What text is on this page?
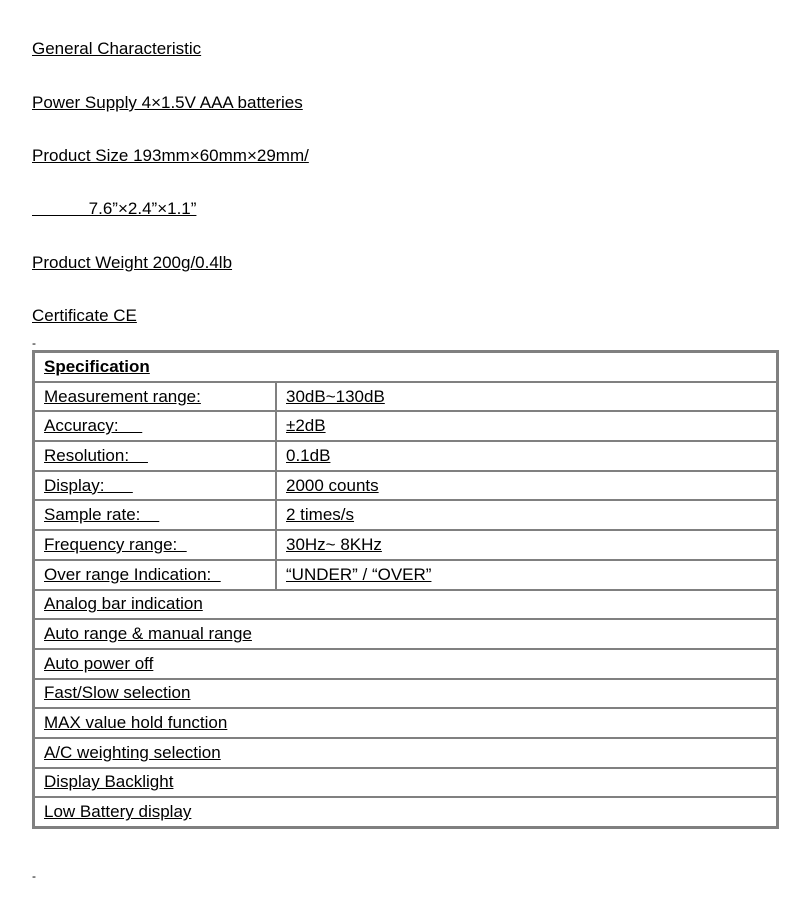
General Characteristic
Power Supply 4×1.5V AAA batteries
Product Size 193mm×60mm×29mm/
7.6”×2.4”×1.1”
Product Weight 200g/0.4lb
Certificate CE
-
Specification	
Measurement range:	30dB~130dB
Accuracy:	±2dB
Resolution:	0.1dB
Display:	2000 counts
Sample rate:	2 times/s
Frequency range:	30Hz~ 8KHz
Over range Indication:	“UNDER” / “OVER”
Analog bar indication	
Auto range & manual range	
Auto power off	
Fast/Slow selection	
MAX value hold function	
A/C weighting selection	
Display Backlight	
Low Battery display	
-
